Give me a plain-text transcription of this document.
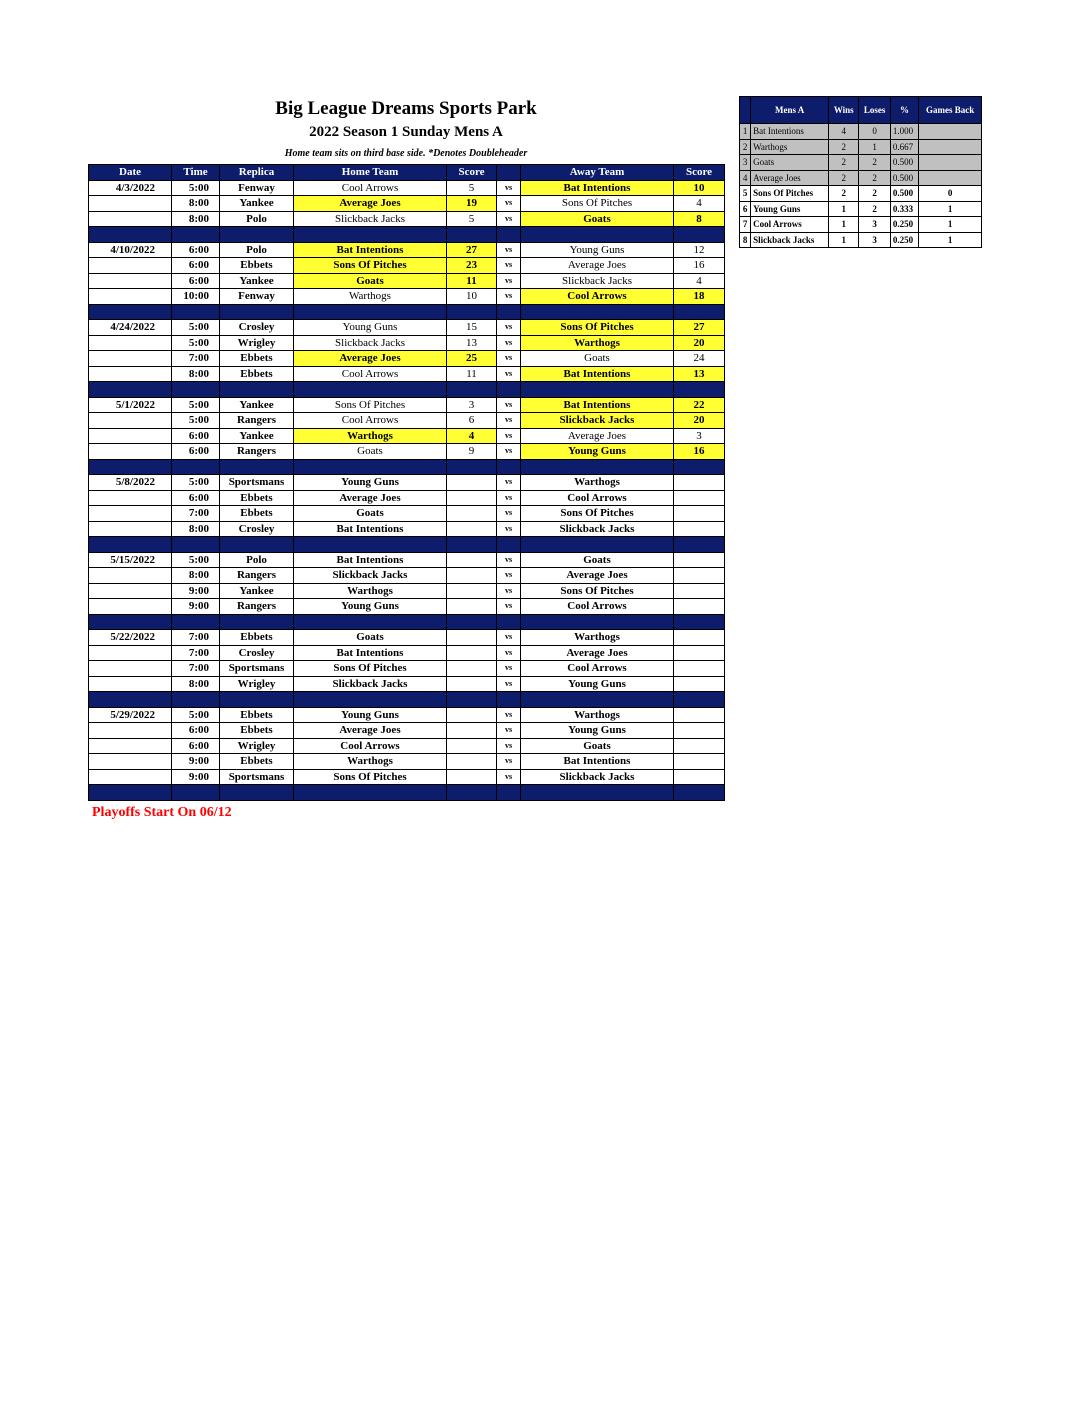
Big League Dreams Sports Park
2022 Season 1 Sunday Mens A
Home team sits on third base side. *Denotes Doubleheader
Date	Time	Replica	Home Team	Score		Away Team	Score
4/3/2022	5:00	Fenway	Cool Arrows	5	vs	Bat Intentions	10
	8:00	Yankee	Average Joes	19	vs	Sons Of Pitches	4
	8:00	Polo	Slickback Jacks	5	vs	Goats	8

4/10/2022	6:00	Polo	Bat Intentions	27	vs	Young Guns	12
	6:00	Ebbets	Sons Of Pitches	23	vs	Average Joes	16
	6:00	Yankee	Goats	11	vs	Slickback Jacks	4
	10:00	Fenway	Warthogs	10	vs	Cool Arrows	18

4/24/2022	5:00	Crosley	Young Guns	15	vs	Sons Of Pitches	27
	5:00	Wrigley	Slickback Jacks	13	vs	Warthogs	20
	7:00	Ebbets	Average Joes	25	vs	Goats	24
	8:00	Ebbets	Cool Arrows	11	vs	Bat Intentions	13

5/1/2022	5:00	Yankee	Sons Of Pitches	3	vs	Bat Intentions	22
	5:00	Rangers	Cool Arrows	6	vs	Slickback Jacks	20
	6:00	Yankee	Warthogs	4	vs	Average Joes	3
	6:00	Rangers	Goats	9	vs	Young Guns	16

5/8/2022	5:00	Sportsmans	Young Guns		vs	Warthogs	
	6:00	Ebbets	Average Joes		vs	Cool Arrows	
	7:00	Ebbets	Goats		vs	Sons Of Pitches	
	8:00	Crosley	Bat Intentions		vs	Slickback Jacks	

5/15/2022	5:00	Polo	Bat Intentions		vs	Goats	
	8:00	Rangers	Slickback Jacks		vs	Average Joes	
	9:00	Yankee	Warthogs		vs	Sons Of Pitches	
	9:00	Rangers	Young Guns		vs	Cool Arrows	

5/22/2022	7:00	Ebbets	Goats		vs	Warthogs	
	7:00	Crosley	Bat Intentions		vs	Average Joes	
	7:00	Sportsmans	Sons Of Pitches		vs	Cool Arrows	
	8:00	Wrigley	Slickback Jacks		vs	Young Guns	

5/29/2022	5:00	Ebbets	Young Guns		vs	Warthogs	
	6:00	Ebbets	Average Joes		vs	Young Guns	
	6:00	Wrigley	Cool Arrows		vs	Goats	
	9:00	Ebbets	Warthogs		vs	Bat Intentions	
	9:00	Sportsmans	Sons Of Pitches		vs	Slickback Jacks	

	Mens A	Wins	Loses	%	Games Back
1	Bat Intentions	4	0	1.000	
2	Warthogs	2	1	0.667	
3	Goats	2	2	0.500	
4	Average Joes	2	2	0.500	
5	Sons Of Pitches	2	2	0.500	0
6	Young Guns	1	2	0.333	1
7	Cool Arrows	1	3	0.250	1
8	Slickback Jacks	1	3	0.250	1
Playoffs Start On 06/12
